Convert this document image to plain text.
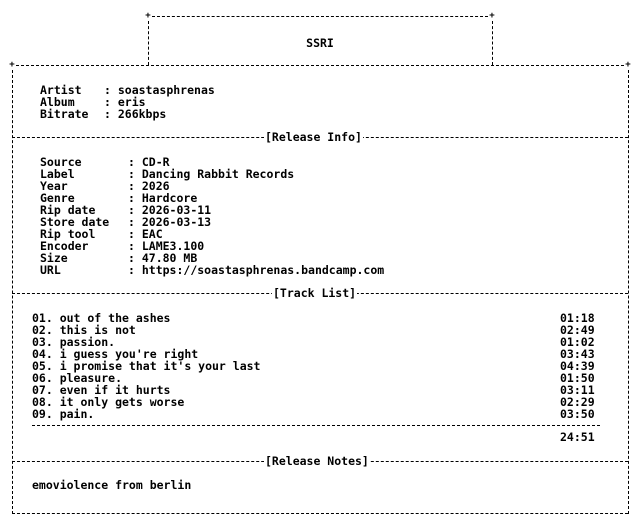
+	+
SSRI
+	+
Artist : soastasphrenas
Album	: eris
Bitrate : 266kbps
[Release Info]
Source	: CD-R
Label	: Dancing Rabbit Records
Year	: 2026
Genre	: Hardcore
Rip date	: 2026-03-11
Store date : 2026-03-13
Rip tool	: EAC
Encoder	: LAME3.100
Size	: 47.80 MB
URL	: https://soastasphrenas.bandcamp.com
[Track List]
01. out of the ashes	01:18
02. this is not	02:49
03. passion.	01:02
04. i guess you're right	03:43
05. i promise that it's your last	04:39
06. pleasure.	01:50
07. even if it hurts	03:11
08. it only gets worse	02:29
09. pain.	03:50
24:51
[Release Notes]
emoviolence from berlin
